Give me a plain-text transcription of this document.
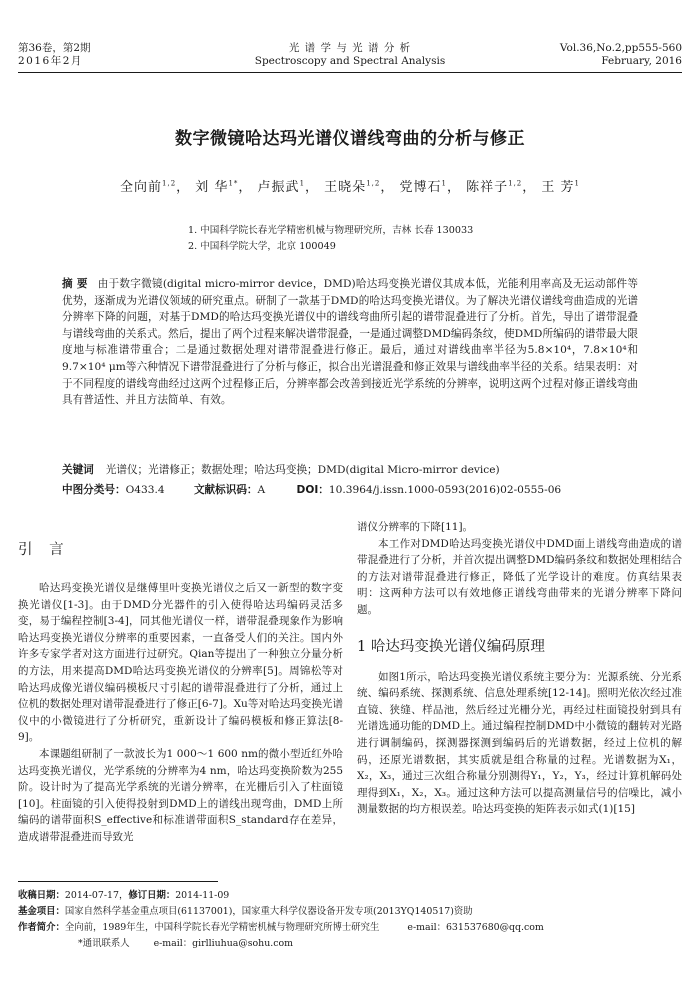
第36卷，第2期
2016年2月
光 谱 学 与 光 谱 分 析
Spectroscopy and Spectral Analysis
Vol.36,No.2,pp555-560
February, 2016
数字微镜哈达玛光谱仪谱线弯曲的分析与修正
全向前$^{1,2}$， 刘 华$^{1*}$， 卢振武$^1$， 王晓朵$^{1,2}$， 党博石$^1$， 陈祥子$^{1,2}$， 王 芳$^1$
1. 中国科学院长春光学精密机械与物理研究所，吉林 长春 130033
2. 中国科学院大学，北京 100049
摘 要 由于数字微镜(digital micro-mirror device，DMD)哈达玛变换光谱仪其成本低，光能利用率高及无运动部件等优势，逐渐成为光谱仪领域的研究重点。研制了一款基于DMD的哈达玛变换光谱仪。为了解决光谱仪谱线弯曲造成的光谱分辨率下降的问题，对基于DMD的哈达玛变换光谱仪中的谱线弯曲所引起的谱带混叠进行了分析。首先，导出了谱带混叠与谱线弯曲的关系式。然后，提出了两个过程来解决谱带混叠，一是通过调整DMD编码条纹，使DMD所编码的谱带最大限度地与标准谱带重合；二是通过数据处理对谱带混叠进行修正。最后，通过对谱线曲率半径为5.8×10⁴，7.8×10⁴和9.7×10⁴ μm等六种情况下谱带混叠进行了分析与修正，拟合出光谱混叠和修正效果与谱线曲率半径的关系。结果表明：对于不同程度的谱线弯曲经过这两个过程修正后，分辨率都会改善到接近光学系统的分辨率，说明这两个过程对修正谱线弯曲具有普适性、并且方法简单、有效。
关键词 光谱仪；光谱修正；数据处理；哈达玛变换；DMD(digital Micro-mirror device)
中图分类号：O433.4	文献标识码：A	DOI：10.3964/j.issn.1000-0593(2016)02-0555-06
引 言

哈达玛变换光谱仪是继傅里叶变换光谱仪之后又一新型的数字变换光谱仪[1-3]。由于DMD分光器件的引入使得哈达玛编码灵活多变，易于编程控制[3-4]，同其他光谱仪一样，谱带混叠现象作为影响哈达玛变换光谱仪分辨率的重要因素，一直备受人们的关注。国内外许多专家学者对这方面进行过研究。Qian等提出了一种独立分量分析的方法，用来提高DMD哈达玛变换光谱仪的分辨率[5]。周锦松等对哈达玛成像光谱仪编码模板尺寸引起的谱带混叠进行了分析，通过上位机的数据处理对谱带混叠进行了修正[6-7]。Xu等对哈达玛变换光谱仪中的小微镜进行了分析研究，重新设计了编码模板和修正算法[8-9]。

本课题组研制了一款波长为1 000～1 600 nm的微小型近红外哈达玛变换光谱仪，光学系统的分辨率为4 nm，哈达玛变换阶数为255阶。设计时为了提高光学系统的光谱分辨率，在光栅后引入了柱面镜[10]。柱面镜的引入使得投射到DMD上的谱线出现弯曲，DMD上所编码的谱带面积S_effective和标准谱带面积S_standard存在差异，造成谱带混叠进而导致光

谱仪分辨率的下降[11]。

本工作对DMD哈达玛变换光谱仪中DMD面上谱线弯曲造成的谱带混叠进行了分析，并首次提出调整DMD编码条纹和数据处理相结合的方法对谱带混叠进行修正，降低了光学设计的难度。仿真结果表明：这两种方法可以有效地修正谱线弯曲带来的光谱分辨率下降问题。

1 哈达玛变换光谱仪编码原理

如图1所示，哈达玛变换光谱仪系统主要分为：光源系统、分光系统、编码系统、探测系统、信息处理系统[12-14]。照明光依次经过准直镜、狭缝、样品池，然后经过光栅分光，再经过柱面镜投射到具有光谱选通功能的DMD上。通过编程控制DMD中小微镜的翻转对光路进行调制编码，探测器探测到编码后的光谱数据，经过上位机的解码，还原光谱数据，其实质就是组合称量的过程。光谱数据为X₁，X₂，X₃，通过三次组合称量分别测得Y₁，Y₂，Y₃，经过计算机解码处理得到X₁，X₂，X₃。通过这种方法可以提高测量信号的信噪比，减小测量数据的均方根误差。哈达玛变换的矩阵表示如式(1)[15]

收稿日期：2014-07-17，修订日期：2014-11-09
基金项目：国家自然科学基金重点项目(61137001)，国家重大科学仪器设备开发专项(2013YQ140517)资助
作者简介：全向前，1989年生，中国科学院长春光学精密机械与物理研究所博士研究生	e-mail：631537680@qq.com
*通讯联系人	e-mail：girlliuhua@sohu.com
